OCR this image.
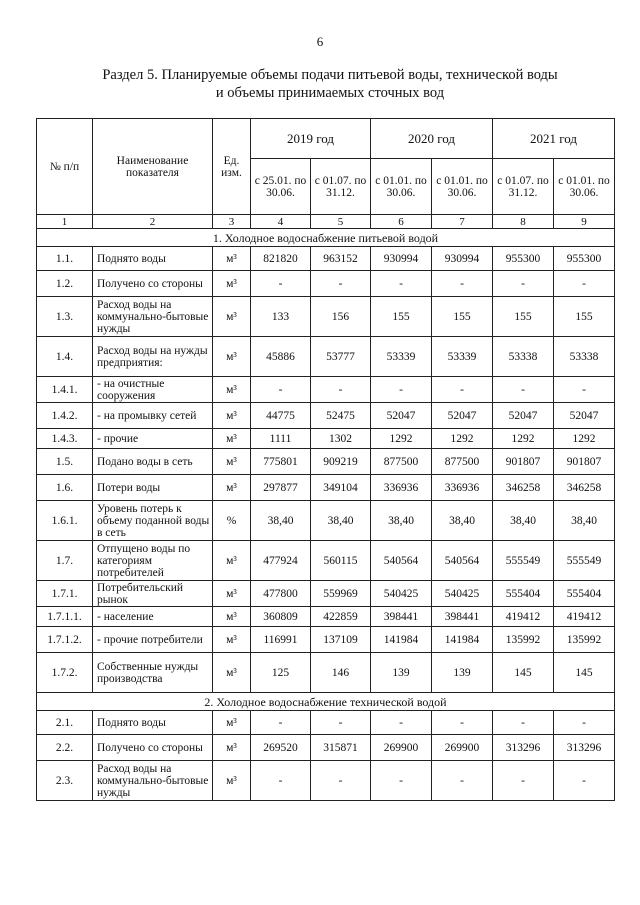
6
Раздел 5. Планируемые объемы подачи питьевой воды, технической воды
и объемы принимаемых сточных вод
№ п/п	Наименование показателя	Ед. изм.	2019 год		2020 год		2021 год	
			с 25.01. по 30.06.	с 01.07. по 31.12.	с 01.01. по 30.06.	с 01.01. по 30.06.	с 01.07. по 31.12.	с 01.01. по 30.06.
1	2	3	4	5	6	7	8	9
1. Холодное водоснабжение питьевой водой								
1.1.	Поднято воды	м³	821820	963152	930994	930994	955300	955300
1.2.	Получено со стороны	м³	-	-	-	-	-	-
1.3.	Расход воды на коммунально-бытовые нужды	м³	133	156	155	155	155	155
1.4.	Расход воды на нужды предприятия:	м³	45886	53777	53339	53339	53338	53338
1.4.1.	- на очистные сооружения	м³	-	-	-	-	-	-
1.4.2.	- на промывку сетей	м³	44775	52475	52047	52047	52047	52047
1.4.3.	- прочие	м³	1111	1302	1292	1292	1292	1292
1.5.	Подано воды в сеть	м³	775801	909219	877500	877500	901807	901807
1.6.	Потери воды	м³	297877	349104	336936	336936	346258	346258
1.6.1.	Уровень потерь к объему поданной воды в сеть	%	38,40	38,40	38,40	38,40	38,40	38,40
1.7.	Отпущено воды по категориям потребителей	м³	477924	560115	540564	540564	555549	555549
1.7.1.	Потребительский рынок	м³	477800	559969	540425	540425	555404	555404
1.7.1.1.	- население	м³	360809	422859	398441	398441	419412	419412
1.7.1.2.	- прочие потребители	м³	116991	137109	141984	141984	135992	135992
1.7.2.	Собственные нужды производства	м³	125	146	139	139	145	145
2. Холодное водоснабжение технической водой								
2.1.	Поднято воды	м³	-	-	-	-	-	-
2.2.	Получено со стороны	м³	269520	315871	269900	269900	313296	313296
2.3.	Расход воды на коммунально-бытовые нужды	м³	-	-	-	-	-	-
